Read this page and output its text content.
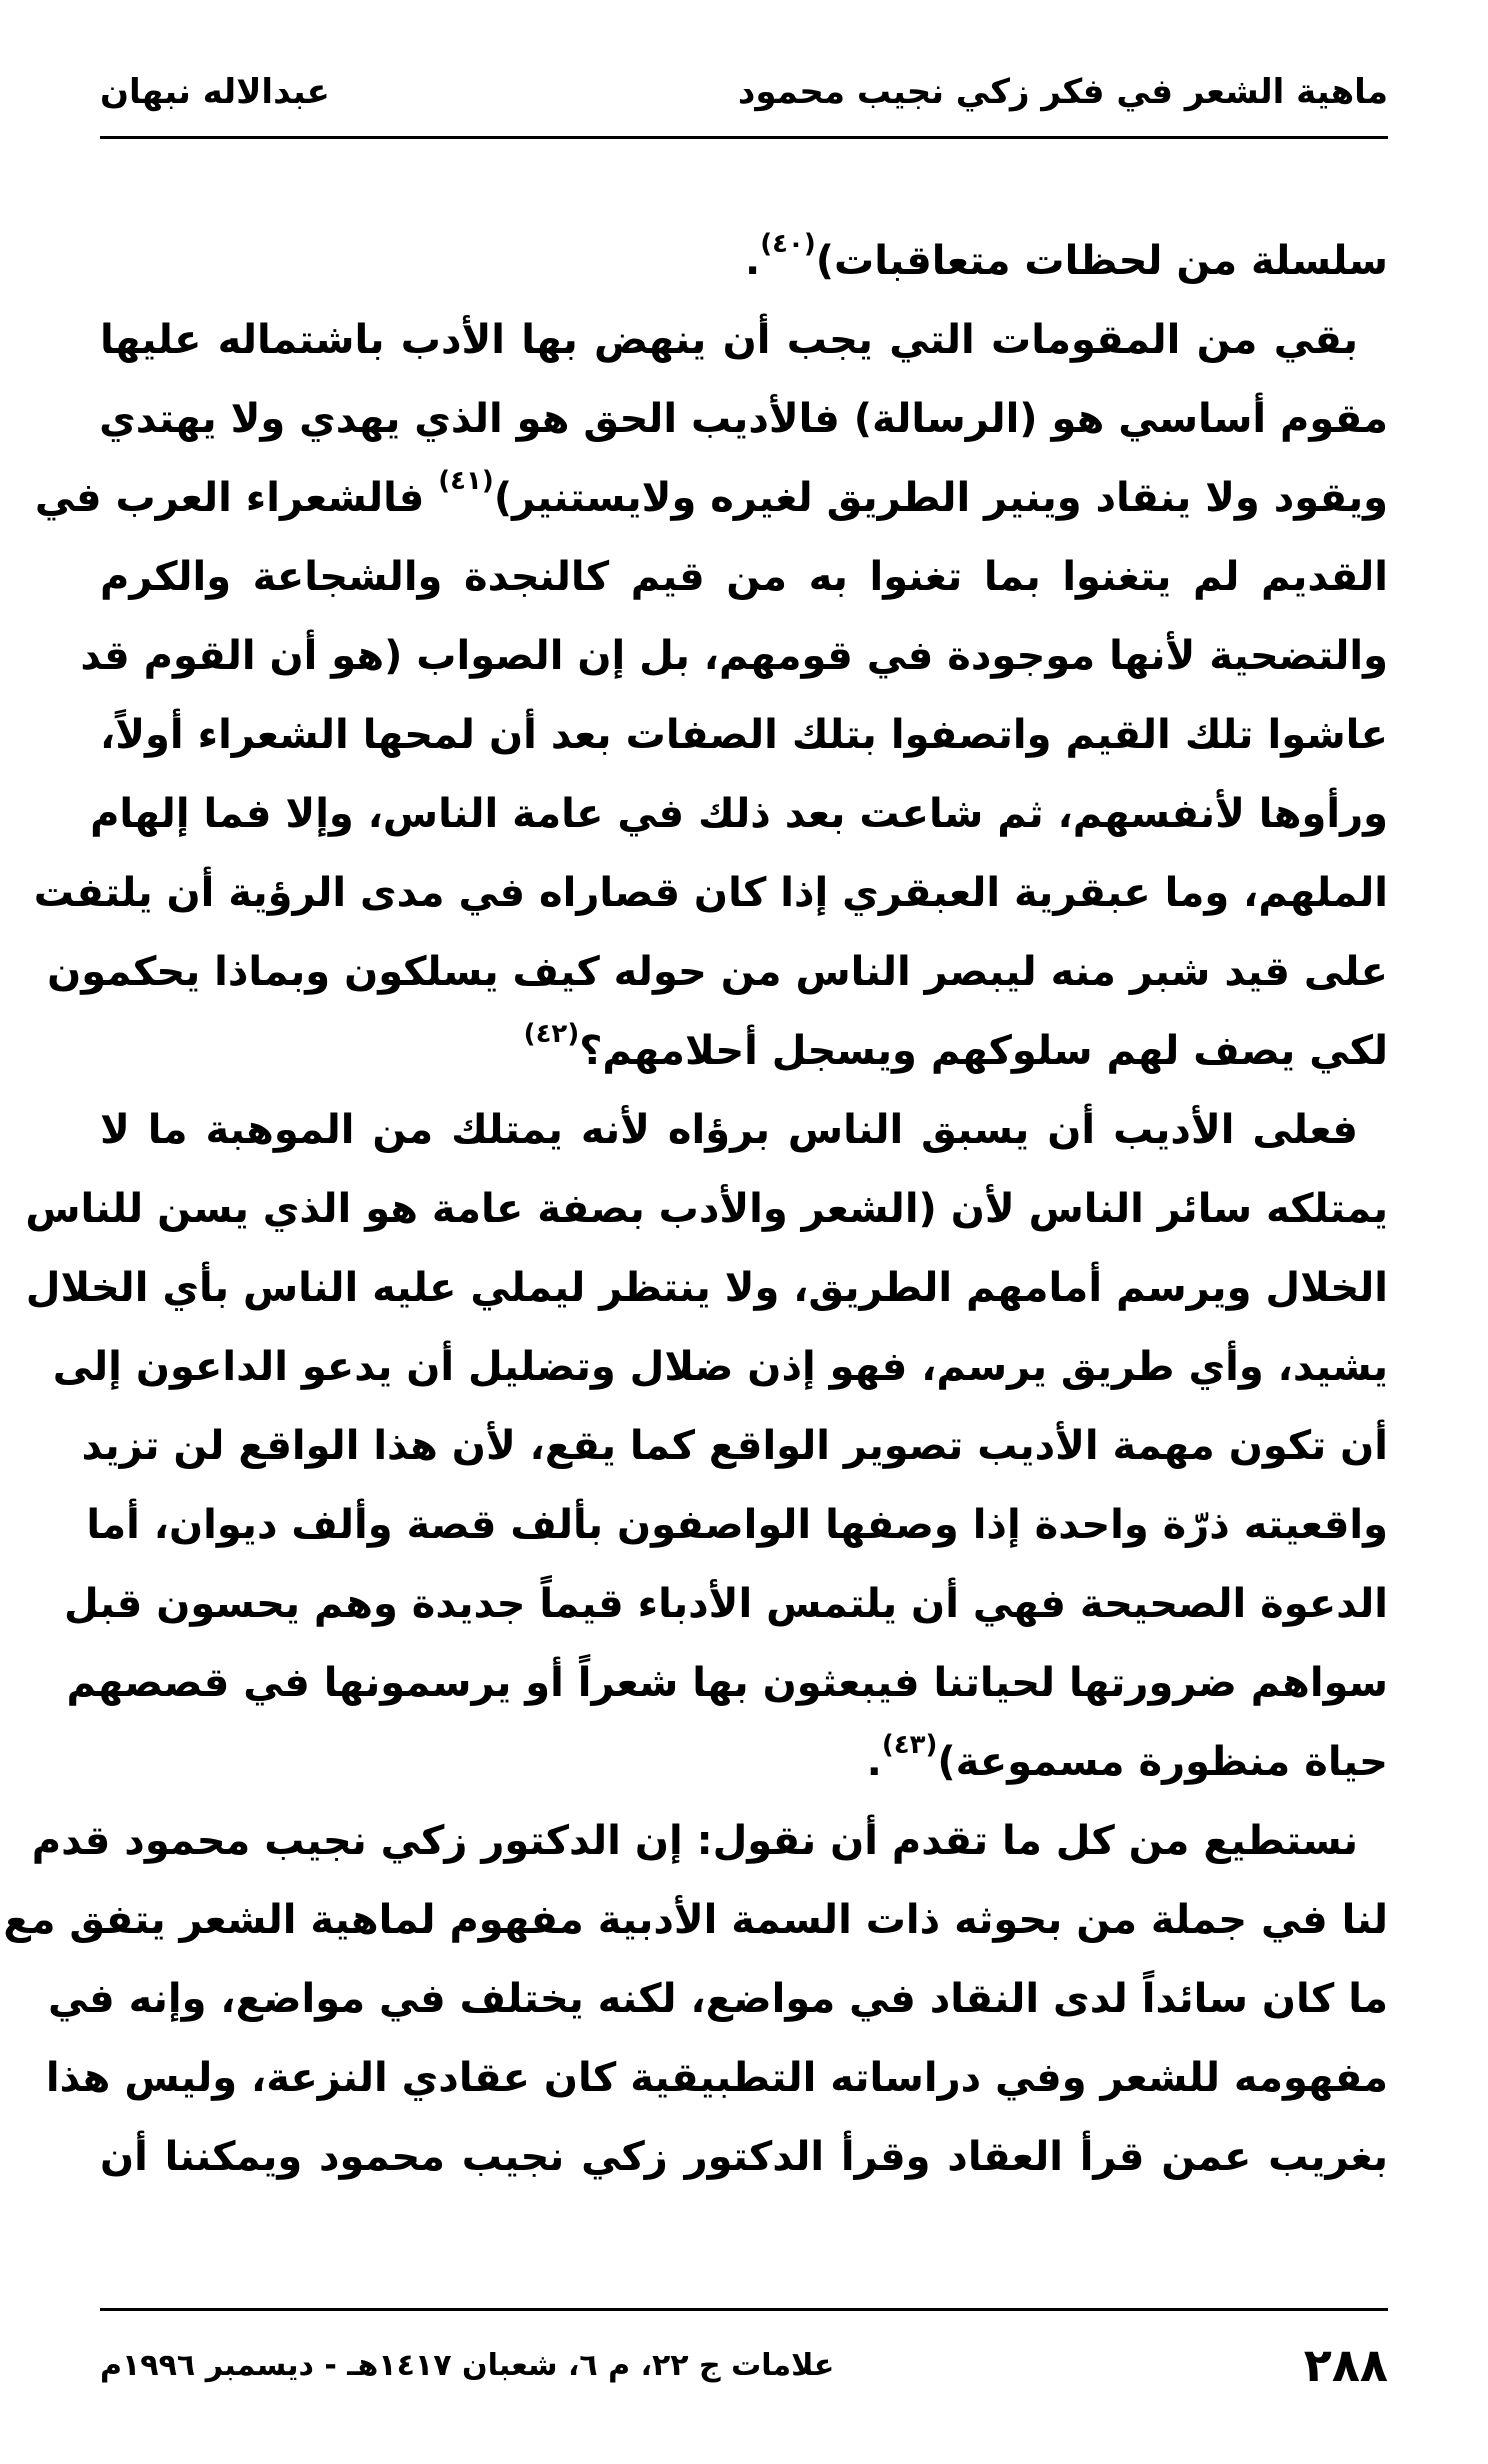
ماهية الشعر في فكر زكي نجيب محمود
عبدالاله نبهان
سلسلة من لحظات متعاقبات)$^{(٤٠)}$.
بقي من المقومات التي يجب أن ينهض بها الأدب باشتماله عليها
مقوم أساسي هو (الرسالة) فالأديب الحق هو الذي يهدي ولا يهتدي
ويقود ولا ينقاد وينير الطريق لغيره ولايستنير)$^{(٤١)}$ فالشعراء العرب في
القديم لم يتغنوا بما تغنوا به من قيم كالنجدة والشجاعة والكرم
والتضحية لأنها موجودة في قومهم، بل إن الصواب (هو أن القوم قد
عاشوا تلك القيم واتصفوا بتلك الصفات بعد أن لمحها الشعراء أولاً،
ورأوها لأنفسهم، ثم شاعت بعد ذلك في عامة الناس، وإلا فما إلهام
الملهم، وما عبقرية العبقري إذا كان قصاراه في مدى الرؤية أن يلتفت
على قيد شبر منه ليبصر الناس من حوله كيف يسلكون وبماذا يحكمون
لكي يصف لهم سلوكهم ويسجل أحلامهم؟$^{(٤٢)}$
فعلى الأديب أن يسبق الناس برؤاه لأنه يمتلك من الموهبة ما لا
يمتلكه سائر الناس لأن (الشعر والأدب بصفة عامة هو الذي يسن للناس
الخلال ويرسم أمامهم الطريق، ولا ينتظر ليملي عليه الناس بأي الخلال
يشيد، وأي طريق يرسم، فهو إذن ضلال وتضليل أن يدعو الداعون إلى
أن تكون مهمة الأديب تصوير الواقع كما يقع، لأن هذا الواقع لن تزيد
واقعيته ذرّة واحدة إذا وصفها الواصفون بألف قصة وألف ديوان، أما
الدعوة الصحيحة فهي أن يلتمس الأدباء قيماً جديدة وهم يحسون قبل
سواهم ضرورتها لحياتنا فيبعثون بها شعراً أو يرسمونها في قصصهم
حياة منظورة مسموعة)$^{(٤٣)}$.
نستطيع من كل ما تقدم أن نقول: إن الدكتور زكي نجيب محمود قدم
لنا في جملة من بحوثه ذات السمة الأدبية مفهوم لماهية الشعر يتفق مع
ما كان سائداً لدى النقاد في مواضع، لكنه يختلف في مواضع، وإنه في
مفهومه للشعر وفي دراساته التطبيقية كان عقادي النزعة، وليس هذا
بغريب عمن قرأ العقاد وقرأ الدكتور زكي نجيب محمود ويمكننا أن
٢٨٨
علامات ج ٢٢، م ٦، شعبان ١٤١٧هـ - ديسمبر ١٩٩٦م
